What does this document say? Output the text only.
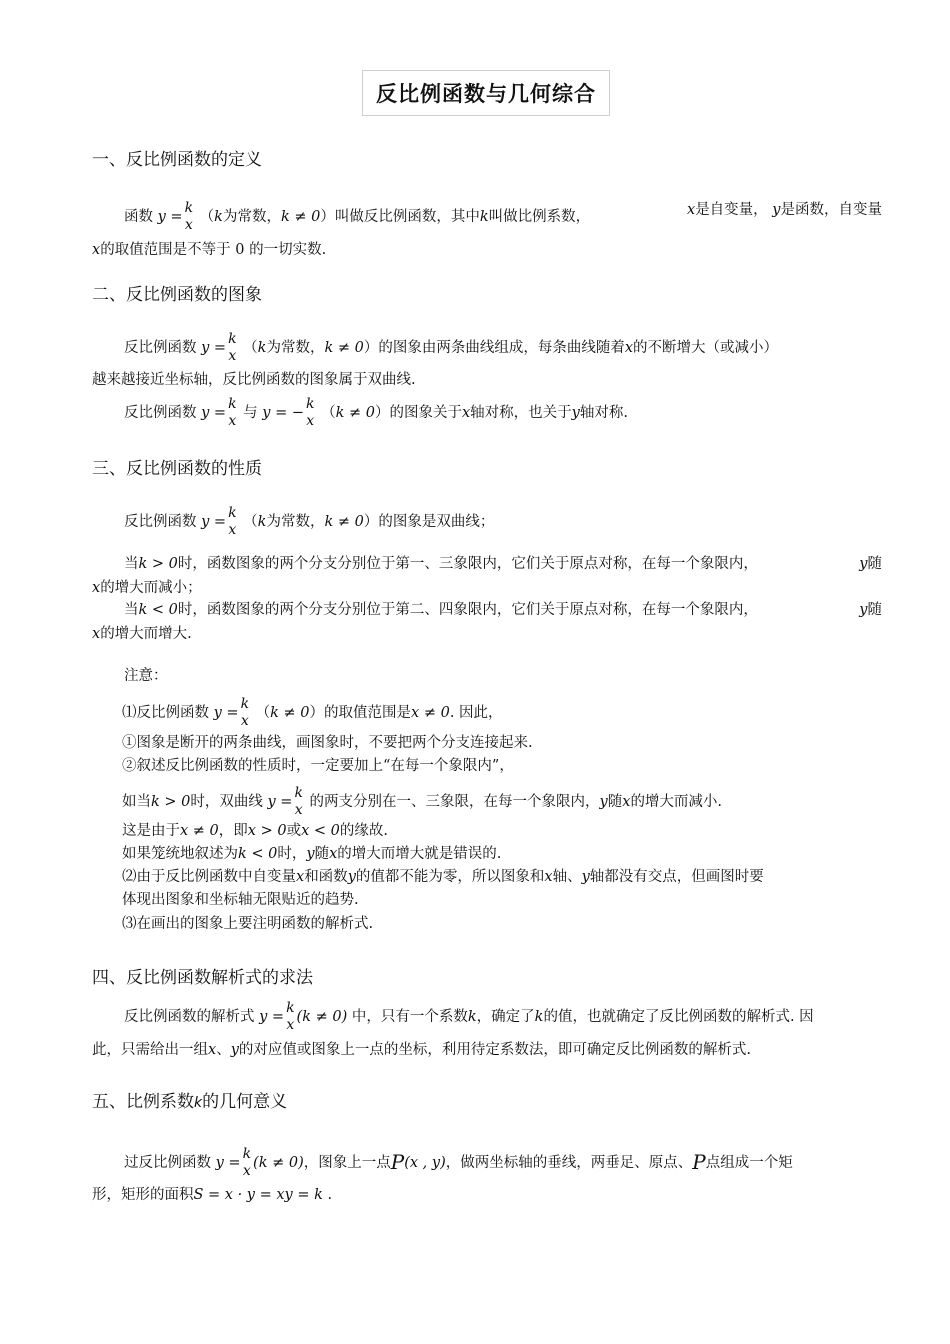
反比例函数与几何综合
一、反比例函数的定义
函数 y =
k
x （k为常数，k ≠ 0）叫做反比例函数，其中k叫做比例系数，	x是自变量， y是函数，自变量
x的取值范围是不等于 0 的一切实数.
二、反比例函数的图象
反比例函数 y =
k
x （k为常数，k ≠ 0）的图象由两条曲线组成，每条曲线随着x的不断增大（或减小）
越来越接近坐标轴，反比例函数的图象属于双曲线.
反比例函数 y =
k
x 与 y = −
k
x （k ≠ 0）的图象关于x轴对称，也关于y轴对称.
三、反比例函数的性质
反比例函数 y =
k
x （k为常数，k ≠ 0）的图象是双曲线；
当k > 0时，函数图象的两个分支分别位于第一、三象限内，它们关于原点对称，在每一个象限内，	y随
x的增大而减小；
当k < 0时，函数图象的两个分支分别位于第二、四象限内，它们关于原点对称，在每一个象限内，	y随
x的增大而增大.
注意：
⑴反比例函数 y =
k
x （k ≠ 0）的取值范围是x ≠ 0. 因此，
①图象是断开的两条曲线，画图象时，不要把两个分支连接起来.
②叙述反比例函数的性质时，一定要加上“在每一个象限内”，
如当k > 0时，双曲线 y =
k
x 的两支分别在一、三象限，在每一个象限内，y随x的增大而减小.
这是由于x ≠ 0，即x > 0或x < 0的缘故.
如果笼统地叙述为k < 0时，y随x的增大而增大就是错误的.
⑵由于反比例函数中自变量x和函数y的值都不能为零，所以图象和x轴、y轴都没有交点，但画图时要
体现出图象和坐标轴无限贴近的趋势.
⑶在画出的图象上要注明函数的解析式.
四、反比例函数解析式的求法
反比例函数的解析式 y =
k
x (k ≠ 0) 中，只有一个系数k，确定了k的值，也就确定了反比例函数的解析式. 因
此，只需给出一组x、y的对应值或图象上一点的坐标，利用待定系数法，即可确定反比例函数的解析式.
五、比例系数k的几何意义
过反比例函数 y =
k
x (k ≠ 0)，图象上一点P(x , y)，做两坐标轴的垂线，两垂足、原点、P点组成一个矩
形，矩形的面积S = x · y = xy = k .
